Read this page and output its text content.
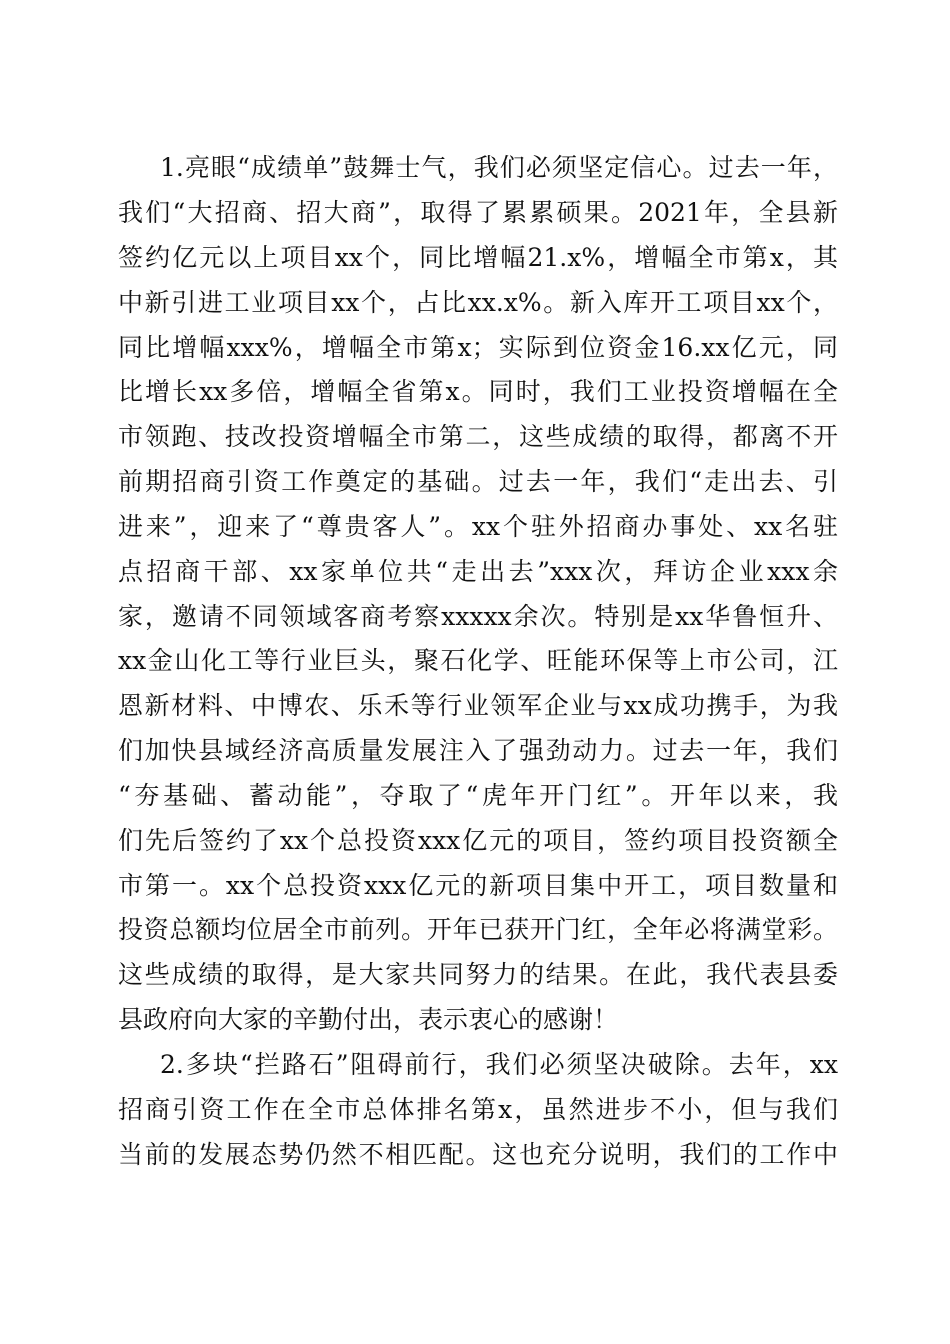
1.亮眼“成绩单”鼓舞士气，我们必须坚定信心。过去一年，
我们“大招商、招大商”，取得了累累硕果。2021年，全县新
签约亿元以上项目xx个，同比增幅21.x%，增幅全市第x，其
中新引进工业项目xx个，占比xx.x%。新入库开工项目xx个，
同比增幅xxx%，增幅全市第x；实际到位资金16.xx亿元，同
比增长xx多倍，增幅全省第x。同时，我们工业投资增幅在全
市领跑、技改投资增幅全市第二，这些成绩的取得，都离不开
前期招商引资工作奠定的基础。过去一年，我们“走出去、引
进来”，迎来了“尊贵客人”。xx个驻外招商办事处、xx名驻
点招商干部、xx家单位共“走出去”xxx次，拜访企业xxx余
家，邀请不同领域客商考察xxxxx余次。特别是xx华鲁恒升、
xx金山化工等行业巨头，聚石化学、旺能环保等上市公司，江
恩新材料、中博农、乐禾等行业领军企业与xx成功携手，为我
们加快县域经济高质量发展注入了强劲动力。过去一年，我们
“夯基础、蓄动能”，夺取了“虎年开门红”。开年以来，我
们先后签约了xx个总投资xxx亿元的项目，签约项目投资额全
市第一。xx个总投资xxx亿元的新项目集中开工，项目数量和
投资总额均位居全市前列。开年已获开门红，全年必将满堂彩。
这些成绩的取得，是大家共同努力的结果。在此，我代表县委
县政府向大家的辛勤付出，表示衷心的感谢！
2.多块“拦路石”阻碍前行，我们必须坚决破除。去年，xx
招商引资工作在全市总体排名第x，虽然进步不小，但与我们
当前的发展态势仍然不相匹配。这也充分说明，我们的工作中
